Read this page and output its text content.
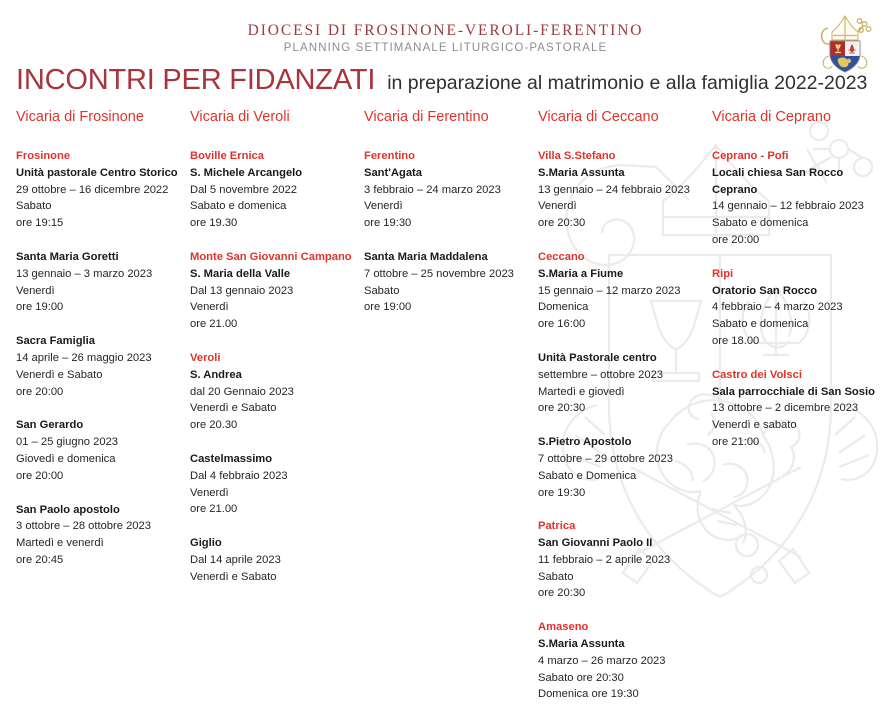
DIOCESI DI FROSINONE-VEROLI-FERENTINO
PLANNING SETTIMANALE LITURGICO-PASTORALE
INCONTRI PER FIDANZATI in preparazione al matrimonio e alla famiglia 2022-2023
Vicaria di Frosinone
Frosinone
Unità pastorale Centro Storico
29 ottobre – 16 dicembre 2022
Sabato
ore 19:15
Santa Maria Goretti
13 gennaio – 3 marzo 2023
Venerdì
ore 19:00
Sacra Famiglia
14 aprile – 26 maggio 2023
Venerdì e Sabato
ore 20:00
San Gerardo
01 – 25 giugno 2023
Giovedì e domenica
ore 20:00
San Paolo apostolo
3 ottobre – 28 ottobre 2023
Martedì e venerdì
ore 20:45
Vicaria di Veroli
Boville Ernica
S. Michele Arcangelo
Dal 5 novembre 2022
Sabato e domenica
ore 19.30
Monte San Giovanni Campano
S. Maria della Valle
Dal 13 gennaio 2023
Venerdì
ore 21.00
Veroli
S. Andrea
dal 20 Gennaio 2023
Venerdì e Sabato
ore 20.30
Castelmassimo
Dal 4 febbraio 2023
Venerdì
ore 21.00
Giglio
Dal 14 aprile 2023
Venerdì e Sabato
Vicaria di Ferentino
Ferentino
Sant'Agata
3 febbraio – 24 marzo 2023
Venerdì
ore 19:30
Santa Maria Maddalena
7 ottobre – 25 novembre 2023
Sabato
ore 19:00
Vicaria di Ceccano
Villa S.Stefano
S.Maria Assunta
13 gennaio – 24 febbraio 2023
Venerdì
ore 20:30
Ceccano
S.Maria a Fiume
15 gennaio – 12 marzo 2023
Domenica
ore 16:00
Unità Pastorale centro
settembre – ottobre 2023
Martedì e giovedì
ore 20:30
S.Pietro Apostolo
7 ottobre – 29 ottobre 2023
Sabato e Domenica
ore 19:30
Patrica
San Giovanni Paolo II
11 febbraio – 2 aprile 2023
Sabato
ore 20:30
Amaseno
S.Maria Assunta
4 marzo – 26 marzo 2023
Sabato ore 20:30
Domenica ore 19:30
Vicaria di Ceprano
Ceprano - Pofi
Locali chiesa San Rocco Ceprano
14 gennaio – 12 febbraio 2023
Sabato e domenica
ore 20:00
Ripi
Oratorio San Rocco
4 febbraio – 4 marzo 2023
Sabato e domenica
ore 18.00
Castro dei Volsci
Sala parrocchiale di San Sosio
13 ottobre – 2 dicembre 2023
Venerdì e sabato
ore 21:00
